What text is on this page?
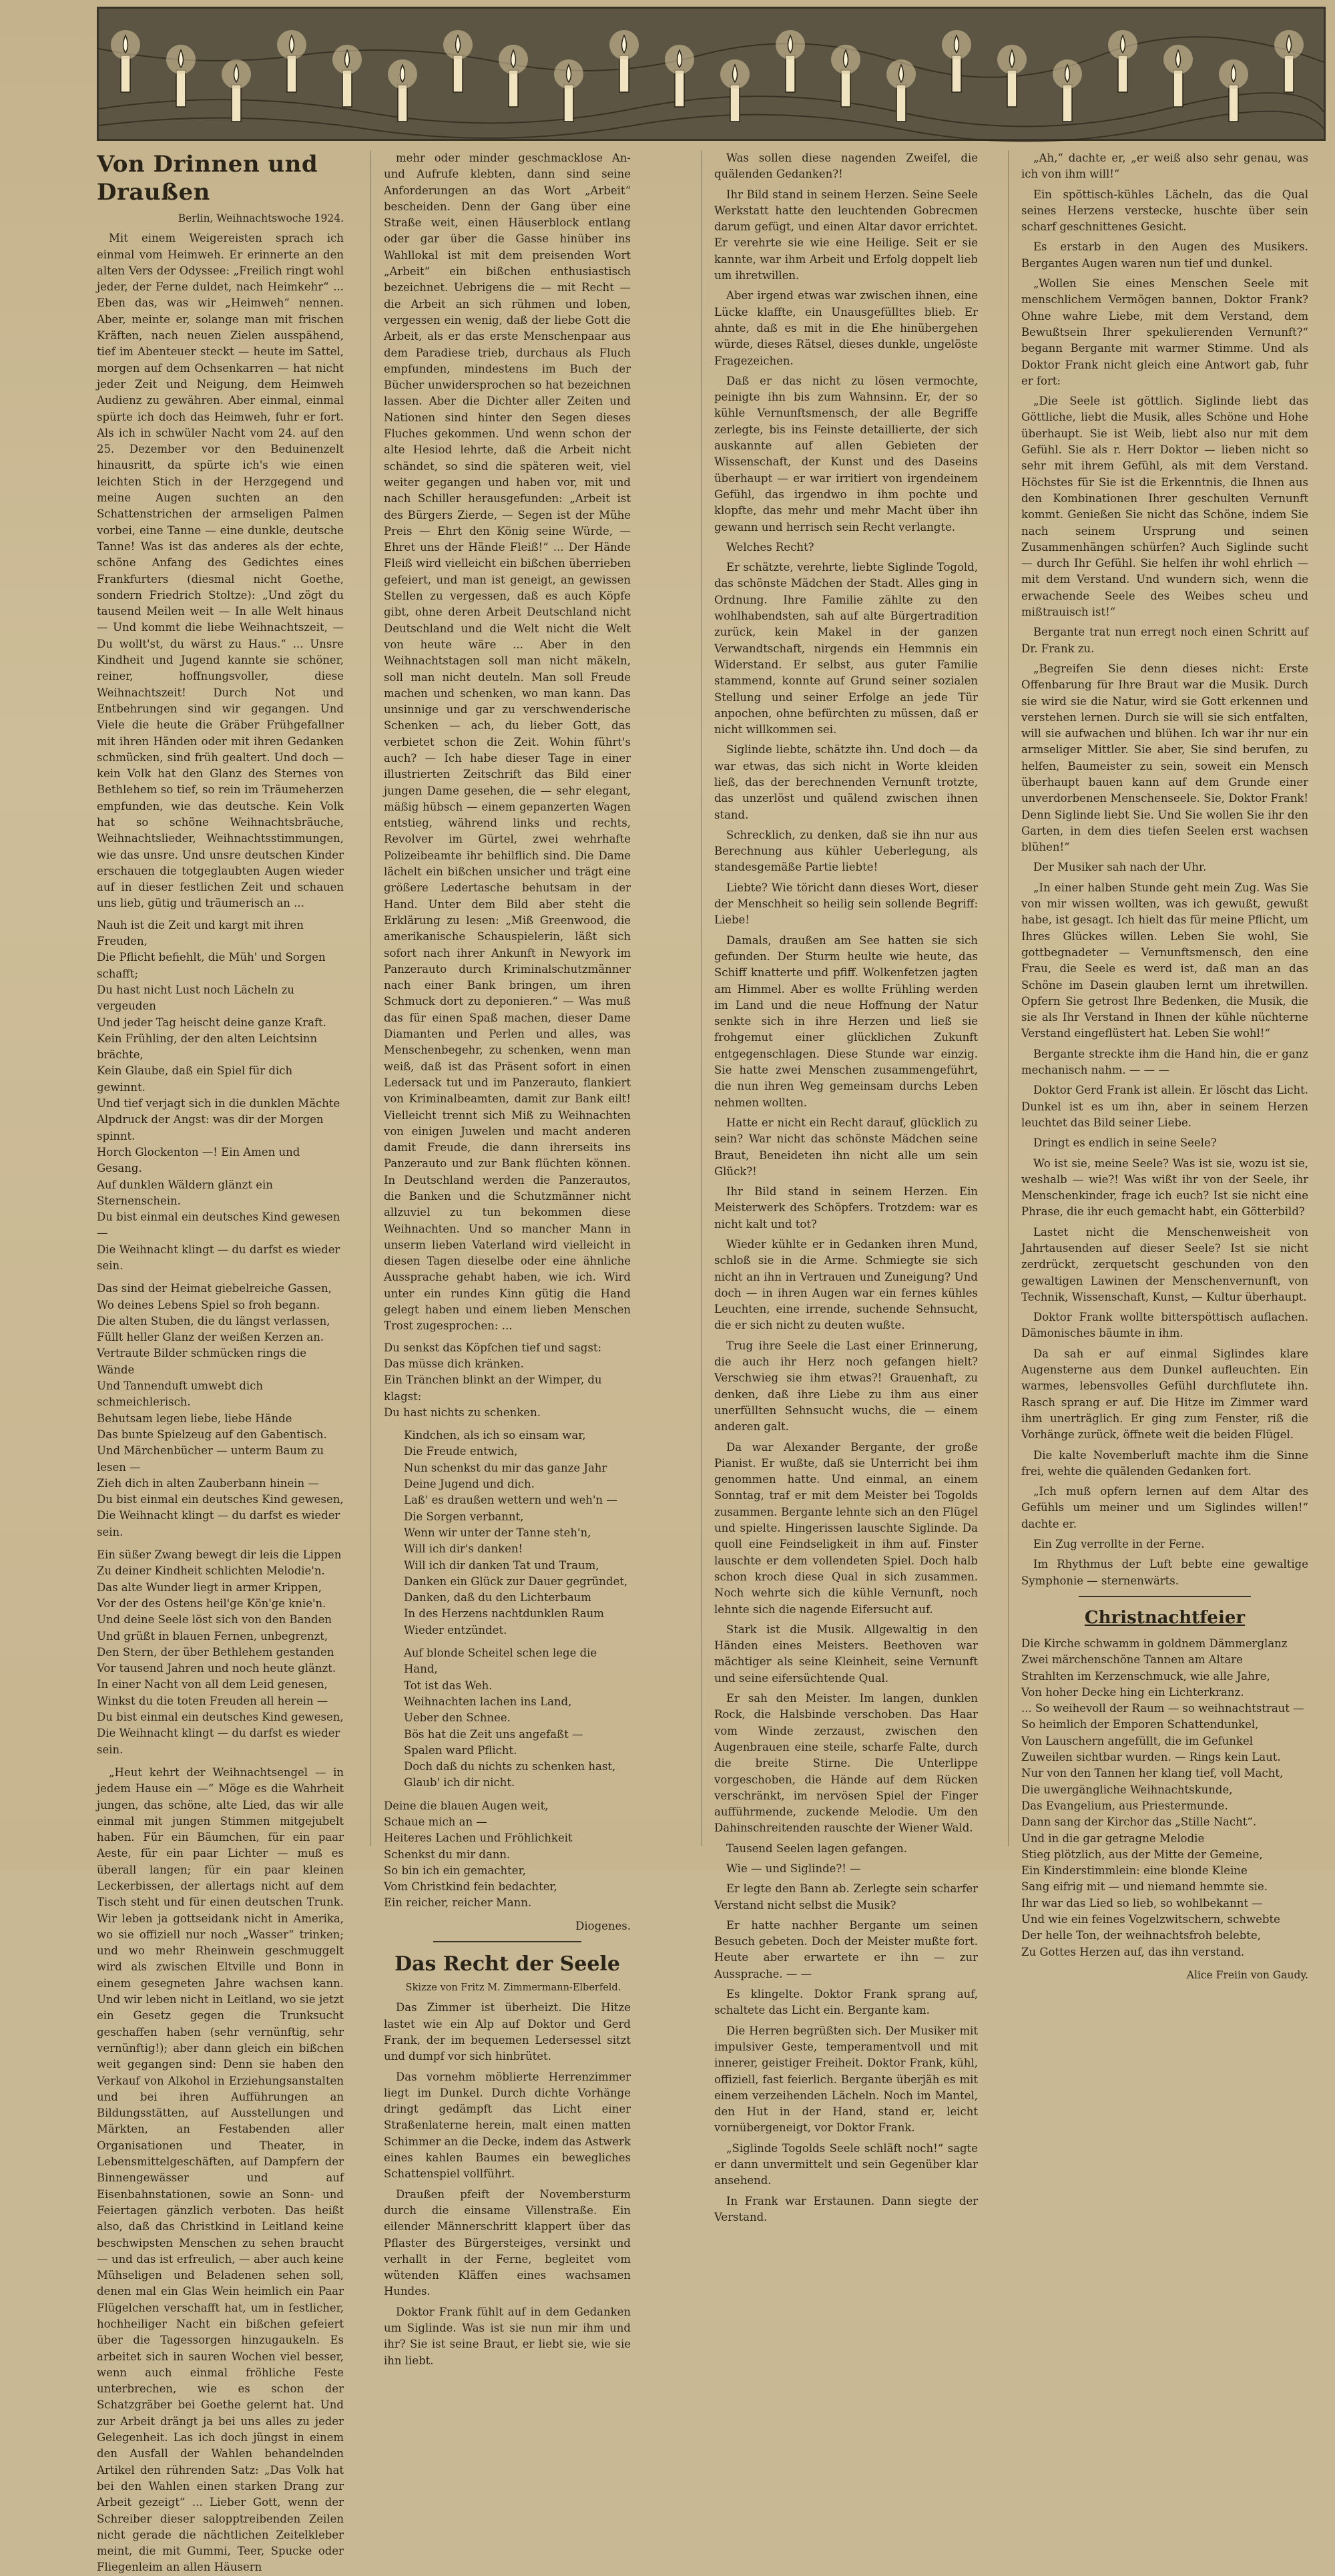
Von Drinnen und Draußen

Berlin, Weihnachtswoche 1924.

Mit einem Weigereisten sprach ich einmal vom Heimweh. Er erinnerte an den alten Vers der Odyssee: „Freilich ringt wohl jeder, der Ferne duldet, nach Heimkehr“ ... Eben das, was wir „Heimweh“ nennen. Aber, meinte er, solange man mit frischen Kräften, nach neuen Zielen ausspähend, tief im Abenteuer steckt — heute im Sattel, morgen auf dem Ochsenkarren — hat nicht jeder Zeit und Neigung, dem Heimweh Audienz zu gewähren. Aber einmal, einmal spürte ich doch das Heimweh, fuhr er fort. Als ich in schwüler Nacht vom 24. auf den 25. Dezember vor den Beduinenzelt hinausritt, da spürte ich's wie einen leichten Stich in der Herzgegend und meine Augen suchten an den Schattenstrichen der armseligen Palmen vorbei, eine Tanne — eine dunkle, deutsche Tanne! Was ist das anderes als der echte, schöne Anfang des Gedichtes eines Frankfurters (diesmal nicht Goethe, sondern Friedrich Stoltze): „Und zögt du tausend Meilen weit — In alle Welt hinaus — Und kommt die liebe Weihnachtszeit, — Du wollt'st, du wärst zu Haus.“ ... Unsre Kindheit und Jugend kannte sie schöner, reiner, hoffnungsvoller, diese Weihnachtszeit! Durch Not und Entbehrungen sind wir gegangen. Und Viele die heute die Gräber Frühgefallner mit ihren Händen oder mit ihren Gedanken schmücken, sind früh gealtert. Und doch — kein Volk hat den Glanz des Sternes von Bethlehem so tief, so rein im Träumeherzen empfunden, wie das deutsche. Kein Volk hat so schöne Weihnachtsbräuche, Weihnachtslieder, Weihnachtsstimmungen, wie das unsre. Und unsre deutschen Kinder erschauen die totgeglaubten Augen wieder auf in dieser festlichen Zeit und schauen uns lieb, gütig und träumerisch an ...

Nauh ist die Zeit und kargt mit ihren Freuden,
Die Pflicht befiehlt, die Müh' und Sorgen schafft;
Du hast nicht Lust noch Lächeln zu vergeuden
Und jeder Tag heischt deine ganze Kraft.
Kein Frühling, der den alten Leichtsinn brächte,
Kein Glaube, daß ein Spiel für dich gewinnt.
Und tief verjagt sich in die dunklen Mächte
Alpdruck der Angst: was dir der Morgen spinnt.
Horch Glockenton —! Ein Amen und Gesang.
Auf dunklen Wäldern glänzt ein Sternenschein.
Du bist einmal ein deutsches Kind gewesen —
Die Weihnacht klingt — du darfst es wieder sein.

Das sind der Heimat giebelreiche Gassen,
Wo deines Lebens Spiel so froh begann.
Die alten Stuben, die du längst verlassen,
Füllt heller Glanz der weißen Kerzen an.
Vertraute Bilder schmücken rings die Wände
Und Tannenduft umwebt dich schmeichlerisch.
Behutsam legen liebe, liebe Hände
Das bunte Spielzeug auf den Gabentisch.
Und Märchenbücher — unterm Baum zu lesen —
Zieh dich in alten Zauberbann hinein —
Du bist einmal ein deutsches Kind gewesen,
Die Weihnacht klingt — du darfst es wieder sein.

Ein süßer Zwang bewegt dir leis die Lippen
Zu deiner Kindheit schlichten Melodie'n.
Das alte Wunder liegt in armer Krippen,
Vor der des Ostens heil'ge Kön'ge knie'n.
Und deine Seele löst sich von den Banden
Und grüßt in blauen Fernen, unbegrenzt,
Den Stern, der über Bethlehem gestanden
Vor tausend Jahren und noch heute glänzt.
In einer Nacht von all dem Leid genesen,
Winkst du die toten Freuden all herein —
Du bist einmal ein deutsches Kind gewesen,
Die Weihnacht klingt — du darfst es wieder sein.

„Heut kehrt der Weihnachtsengel — in jedem Hause ein —“ Möge es die Wahrheit jungen, das schöne, alte Lied, das wir alle einmal mit jungen Stimmen mitgejubelt haben. Für ein Bäumchen, für ein paar Aeste, für ein paar Lichter — muß es überall langen; für ein paar kleinen Leckerbissen, der allertags nicht auf dem Tisch steht und für einen deutschen Trunk. Wir leben ja gottseidank nicht in Amerika, wo sie offiziell nur noch „Wasser“ trinken; und wo mehr Rheinwein geschmuggelt wird als zwischen Eltville und Bonn in einem gesegneten Jahre wachsen kann. Und wir leben nicht in Leitland, wo sie jetzt ein Gesetz gegen die Trunksucht geschaffen haben (sehr vernünftig, sehr vernünftig!); aber dann gleich ein bißchen weit gegangen sind: Denn sie haben den Verkauf von Alkohol in Erziehungsanstalten und bei ihren Aufführungen an Bildungsstätten, auf Ausstellungen und Märkten, an Festabenden aller Organisationen und Theater, in Lebensmittelgeschäften, auf Dampfern der Binnengewässer und auf Eisenbahnstationen, sowie an Sonn- und Feiertagen gänzlich verboten. Das heißt also, daß das Christkind in Leitland keine beschwipsten Menschen zu sehen braucht — und das ist erfreulich, — aber auch keine Mühseligen und Beladenen sehen soll, denen mal ein Glas Wein heimlich ein Paar Flügelchen verschafft hat, um in festlicher, hochheiliger Nacht ein bißchen gefeiert über die Tagessorgen hinzugaukeln. Es arbeitet sich in sauren Wochen viel besser, wenn auch einmal fröhliche Feste unterbrechen, wie es schon der Schatzgräber bei Goethe gelernt hat. Und zur Arbeit drängt ja bei uns alles zu jeder Gelegenheit. Las ich doch jüngst in einem den Ausfall der Wahlen behandelnden Artikel den rührenden Satz: „Das Volk hat bei den Wahlen einen starken Drang zur Arbeit gezeigt“ ... Lieber Gott, wenn der Schreiber dieser salopptreibenden Zeilen nicht gerade die nächtlichen Zeitelkleber meint, die mit Gummi, Teer, Spucke oder Fliegenleim an allen Häusern

mehr oder minder geschmacklose An- und Aufrufe klebten, dann sind seine Anforderungen an das Wort „Arbeit“ bescheiden. Denn der Gang über eine Straße weit, einen Häuserblock entlang oder gar über die Gasse hinüber ins Wahllokal ist mit dem preisenden Wort „Arbeit“ ein bißchen enthusiastisch bezeichnet. Uebrigens die — mit Recht — die Arbeit an sich rühmen und loben, vergessen ein wenig, daß der liebe Gott die Arbeit, als er das erste Menschenpaar aus dem Paradiese trieb, durchaus als Fluch empfunden, mindestens im Buch der Bücher unwidersprochen so hat bezeichnen lassen. Aber die Dichter aller Zeiten und Nationen sind hinter den Segen dieses Fluches gekommen. Und wenn schon der alte Hesiod lehrte, daß die Arbeit nicht schändet, so sind die späteren weit, viel weiter gegangen und haben vor, mit und nach Schiller herausgefunden: „Arbeit ist des Bürgers Zierde, — Segen ist der Mühe Preis — Ehrt den König seine Würde, — Ehret uns der Hände Fleiß!“ ... Der Hände Fleiß wird vielleicht ein bißchen überrieben gefeiert, und man ist geneigt, an gewissen Stellen zu vergessen, daß es auch Köpfe gibt, ohne deren Arbeit Deutschland nicht Deutschland und die Welt nicht die Welt von heute wäre ... Aber in den Weihnachtstagen soll man nicht mäkeln, soll man nicht deuteln. Man soll Freude machen und schenken, wo man kann. Das unsinnige und gar zu verschwenderische Schenken — ach, du lieber Gott, das verbietet schon die Zeit. Wohin führt's auch? — Ich habe dieser Tage in einer illustrierten Zeitschrift das Bild einer jungen Dame gesehen, die — sehr elegant, mäßig hübsch — einem gepanzerten Wagen entstieg, während links und rechts, Revolver im Gürtel, zwei wehrhafte Polizeibeamte ihr behilflich sind. Die Dame lächelt ein bißchen unsicher und trägt eine größere Ledertasche behutsam in der Hand. Unter dem Bild aber steht die Erklärung zu lesen: „Miß Greenwood, die amerikanische Schauspielerin, läßt sich sofort nach ihrer Ankunft in Newyork im Panzerauto durch Kriminalschutzmänner nach einer Bank bringen, um ihren Schmuck dort zu deponieren.“ — Was muß das für einen Spaß machen, dieser Dame Diamanten und Perlen und alles, was Menschenbegehr, zu schenken, wenn man weiß, daß ist das Präsent sofort in einen Ledersack tut und im Panzerauto, flankiert von Kriminalbeamten, damit zur Bank eilt! Vielleicht trennt sich Miß zu Weihnachten von einigen Juwelen und macht anderen damit Freude, die dann ihrerseits ins Panzerauto und zur Bank flüchten können. In Deutschland werden die Panzerautos, die Banken und die Schutzmänner nicht allzuviel zu tun bekommen diese Weihnachten. Und so mancher Mann in unserm lieben Vaterland wird vielleicht in diesen Tagen dieselbe oder eine ähnliche Aussprache gehabt haben, wie ich. Wird unter ein rundes Kinn gütig die Hand gelegt haben und einem lieben Menschen Trost zugesprochen: ...

Du senkst das Köpfchen tief und sagst:
Das müsse dich kränken.
Ein Tränchen blinkt an der Wimper, du klagst:
Du hast nichts zu schenken.

Kindchen, als ich so einsam war,
Die Freude entwich,
Nun schenkst du mir das ganze Jahr
Deine Jugend und dich.
Laß' es draußen wettern und weh'n —
Die Sorgen verbannt,
Wenn wir unter der Tanne steh'n,
Will ich dir's danken!
Will ich dir danken Tat und Traum,
Danken ein Glück zur Dauer gegründet,
Danken, daß du den Lichterbaum
In des Herzens nachtdunklen Raum
Wieder entzündet.

Auf blonde Scheitel schen lege die Hand,
Tot ist das Weh.
Weihnachten lachen ins Land,
Ueber den Schnee.
Bös hat die Zeit uns angefaßt —
Spalen ward Pflicht.
Doch daß du nichts zu schenken hast,
Glaub' ich dir nicht.

Deine die blauen Augen weit,
Schaue mich an —
Heiteres Lachen und Fröhlichkeit
Schenkst du mir dann.
So bin ich ein gemachter,
Vom Christkind fein bedachter,
Ein reicher, reicher Mann.

Diogenes.

Das Recht der Seele

Skizze von Fritz M. Zimmermann-Elberfeld.

Das Zimmer ist überheizt. Die Hitze lastet wie ein Alp auf Doktor und Gerd Frank, der im bequemen Ledersessel sitzt und dumpf vor sich hinbrütet.

Das vornehm möblierte Herrenzimmer liegt im Dunkel. Durch dichte Vorhänge dringt gedämpft das Licht einer Straßenlaterne herein, malt einen matten Schimmer an die Decke, indem das Astwerk eines kahlen Baumes ein bewegliches Schattenspiel vollführt.

Draußen pfeift der Novembersturm durch die einsame Villenstraße. Ein eilender Männerschritt klappert über das Pflaster des Bürgersteiges, versinkt und verhallt in der Ferne, begleitet vom wütenden Kläffen eines wachsamen Hundes.

Doktor Frank fühlt auf in dem Gedanken um Siglinde. Was ist sie nun mir ihm und ihr? Sie ist seine Braut, er liebt sie, wie sie ihn liebt.

Was sollen diese nagenden Zweifel, die quälenden Gedanken?!

Ihr Bild stand in seinem Herzen. Seine Seele Werkstatt hatte den leuchtenden Gobrecmen darum gefügt, und einen Altar davor errichtet. Er verehrte sie wie eine Heilige. Seit er sie kannte, war ihm Arbeit und Erfolg doppelt lieb um ihretwillen.

Aber irgend etwas war zwischen ihnen, eine Lücke klaffte, ein Unausgefülltes blieb. Er ahnte, daß es mit in die Ehe hinübergehen würde, dieses Rätsel, dieses dunkle, ungelöste Fragezeichen.

Daß er das nicht zu lösen vermochte, peinigte ihn bis zum Wahnsinn. Er, der so kühle Vernunftsmensch, der alle Begriffe zerlegte, bis ins Feinste detaillierte, der sich auskannte auf allen Gebieten der Wissenschaft, der Kunst und des Daseins überhaupt — er war irritiert von irgendeinem Gefühl, das irgendwo in ihm pochte und klopfte, das mehr und mehr Macht über ihn gewann und herrisch sein Recht verlangte.

Welches Recht?

Er schätzte, verehrte, liebte Siglinde Togold, das schönste Mädchen der Stadt. Alles ging in Ordnung. Ihre Familie zählte zu den wohlhabendsten, sah auf alte Bürgertradition zurück, kein Makel in der ganzen Verwandtschaft, nirgends ein Hemmnis ein Widerstand. Er selbst, aus guter Familie stammend, konnte auf Grund seiner sozialen Stellung und seiner Erfolge an jede Tür anpochen, ohne befürchten zu müssen, daß er nicht willkommen sei.

Siglinde liebte, schätzte ihn. Und doch — da war etwas, das sich nicht in Worte kleiden ließ, das der berechnenden Vernunft trotzte, das unzerlöst und quälend zwischen ihnen stand.

Schrecklich, zu denken, daß sie ihn nur aus Berechnung aus kühler Ueberlegung, als standesgemäße Partie liebte!

Liebte? Wie töricht dann dieses Wort, dieser der Menschheit so heilig sein sollende Begriff: Liebe!

Damals, draußen am See hatten sie sich gefunden. Der Sturm heulte wie heute, das Schiff knatterte und pfiff. Wolkenfetzen jagten am Himmel. Aber es wollte Frühling werden im Land und die neue Hoffnung der Natur senkte sich in ihre Herzen und ließ sie frohgemut einer glücklichen Zukunft entgegenschlagen. Diese Stunde war einzig. Sie hatte zwei Menschen zusammengeführt, die nun ihren Weg gemeinsam durchs Leben nehmen wollten.

Hatte er nicht ein Recht darauf, glücklich zu sein? War nicht das schönste Mädchen seine Braut, Beneideten ihn nicht alle um sein Glück?!

Ihr Bild stand in seinem Herzen. Ein Meisterwerk des Schöpfers. Trotzdem: war es nicht kalt und tot?

Wieder kühlte er in Gedanken ihren Mund, schloß sie in die Arme. Schmiegte sie sich nicht an ihn in Vertrauen und Zuneigung? Und doch — in ihren Augen war ein fernes kühles Leuchten, eine irrende, suchende Sehnsucht, die er sich nicht zu deuten wußte.

Trug ihre Seele die Last einer Erinnerung, die auch ihr Herz noch gefangen hielt? Verschwieg sie ihm etwas?! Grauenhaft, zu denken, daß ihre Liebe zu ihm aus einer unerfüllten Sehnsucht wuchs, die — einem anderen galt.

Da war Alexander Bergante, der große Pianist. Er wußte, daß sie Unterricht bei ihm genommen hatte. Und einmal, an einem Sonntag, traf er mit dem Meister bei Togolds zusammen. Bergante lehnte sich an den Flügel und spielte. Hingerissen lauschte Siglinde. Da quoll eine Feindseligkeit in ihm auf. Finster lauschte er dem vollendeten Spiel. Doch halb schon kroch diese Qual in sich zusammen. Noch wehrte sich die kühle Vernunft, noch lehnte sich die nagende Eifersucht auf.

Stark ist die Musik. Allgewaltig in den Händen eines Meisters. Beethoven war mächtiger als seine Kleinheit, seine Vernunft und seine eifersüchtende Qual.

Er sah den Meister. Im langen, dunklen Rock, die Halsbinde verschoben. Das Haar vom Winde zerzaust, zwischen den Augenbrauen eine steile, scharfe Falte, durch die breite Stirne. Die Unterlippe vorgeschoben, die Hände auf dem Rücken verschränkt, im nervösen Spiel der Finger aufführmende, zuckende Melodie. Um den Dahinschreitenden rauschte der Wiener Wald.

Tausend Seelen lagen gefangen.

Wie — und Siglinde?! —

Er legte den Bann ab. Zerlegte sein scharfer Verstand nicht selbst die Musik?

Er hatte nachher Bergante um seinen Besuch gebeten. Doch der Meister mußte fort. Heute aber erwartete er ihn — zur Aussprache. — —

Es klingelte. Doktor Frank sprang auf, schaltete das Licht ein. Bergante kam.

Die Herren begrüßten sich. Der Musiker mit impulsiver Geste, temperamentvoll und mit innerer, geistiger Freiheit. Doktor Frank, kühl, offiziell, fast feierlich. Bergante überjäh es mit einem verzeihenden Lächeln. Noch im Mantel, den Hut in der Hand, stand er, leicht vornübergeneigt, vor Doktor Frank.

„Siglinde Togolds Seele schläft noch!“ sagte er dann unvermittelt und sein Gegenüber klar ansehend.

In Frank war Erstaunen. Dann siegte der Verstand.

„Ah,“ dachte er, „er weiß also sehr genau, was ich von ihm will!“

Ein spöttisch-kühles Lächeln, das die Qual seines Herzens verstecke, huschte über sein scharf geschnittenes Gesicht.

Es erstarb in den Augen des Musikers. Bergantes Augen waren nun tief und dunkel.

„Wollen Sie eines Menschen Seele mit menschlichem Vermögen bannen, Doktor Frank? Ohne wahre Liebe, mit dem Verstand, dem Bewußtsein Ihrer spekulierenden Vernunft?“ begann Bergante mit warmer Stimme. Und als Doktor Frank nicht gleich eine Antwort gab, fuhr er fort:

„Die Seele ist göttlich. Siglinde liebt das Göttliche, liebt die Musik, alles Schöne und Hohe überhaupt. Sie ist Weib, liebt also nur mit dem Gefühl. Sie als r. Herr Doktor — lieben nicht so sehr mit ihrem Gefühl, als mit dem Verstand. Höchstes für Sie ist die Erkenntnis, die Ihnen aus den Kombinationen Ihrer geschulten Vernunft kommt. Genießen Sie nicht das Schöne, indem Sie nach seinem Ursprung und seinen Zusammenhängen schürfen? Auch Siglinde sucht — durch Ihr Gefühl. Sie helfen ihr wohl ehrlich — mit dem Verstand. Und wundern sich, wenn die erwachende Seele des Weibes scheu und mißtrauisch ist!“

Bergante trat nun erregt noch einen Schritt auf Dr. Frank zu.

„Begreifen Sie denn dieses nicht: Erste Offenbarung für Ihre Braut war die Musik. Durch sie wird sie die Natur, wird sie Gott erkennen und verstehen lernen. Durch sie will sie sich entfalten, will sie aufwachen und blühen. Ich war ihr nur ein armseliger Mittler. Sie aber, Sie sind berufen, zu helfen, Baumeister zu sein, soweit ein Mensch überhaupt bauen kann auf dem Grunde einer unverdorbenen Menschenseele. Sie, Doktor Frank! Denn Siglinde liebt Sie. Und Sie wollen Sie ihr den Garten, in dem dies tiefen Seelen erst wachsen blühen!“

Der Musiker sah nach der Uhr.

„In einer halben Stunde geht mein Zug. Was Sie von mir wissen wollten, was ich gewußt, gewußt habe, ist gesagt. Ich hielt das für meine Pflicht, um Ihres Glückes willen. Leben Sie wohl, Sie gottbegnadeter — Vernunftsmensch, den eine Frau, die Seele es werd ist, daß man an das Schöne im Dasein glauben lernt um ihretwillen. Opfern Sie getrost Ihre Bedenken, die Musik, die sie als Ihr Verstand in Ihnen der kühle nüchterne Verstand eingeflüstert hat. Leben Sie wohl!“

Bergante streckte ihm die Hand hin, die er ganz mechanisch nahm. — — —

Doktor Gerd Frank ist allein. Er löscht das Licht. Dunkel ist es um ihn, aber in seinem Herzen leuchtet das Bild seiner Liebe.

Dringt es endlich in seine Seele?

Wo ist sie, meine Seele? Was ist sie, wozu ist sie, weshalb — wie?! Was wißt ihr von der Seele, ihr Menschenkinder, frage ich euch? Ist sie nicht eine Phrase, die ihr euch gemacht habt, ein Götterbild?

Lastet nicht die Menschenweisheit von Jahrtausenden auf dieser Seele? Ist sie nicht zerdrückt, zerquetscht geschunden von den gewaltigen Lawinen der Menschenvernunft, von Technik, Wissenschaft, Kunst, — Kultur überhaupt.

Doktor Frank wollte bitterspöttisch auflachen. Dämonisches bäumte in ihm.

Da sah er auf einmal Siglindes klare Augensterne aus dem Dunkel aufleuchten. Ein warmes, lebensvolles Gefühl durchflutete ihn. Rasch sprang er auf. Die Hitze im Zimmer ward ihm unerträglich. Er ging zum Fenster, riß die Vorhänge zurück, öffnete weit die beiden Flügel.

Die kalte Novemberluft machte ihm die Sinne frei, wehte die quälenden Gedanken fort.

„Ich muß opfern lernen auf dem Altar des Gefühls um meiner und um Siglindes willen!“ dachte er.

Ein Zug verrollte in der Ferne.

Im Rhythmus der Luft bebte eine gewaltige Symphonie — sternenwärts.

Christnachtfeier

Die Kirche schwamm in goldnem Dämmerglanz
Zwei märchenschöne Tannen am Altare
Strahlten im Kerzenschmuck, wie alle Jahre,
Von hoher Decke hing ein Lichterkranz.
... So weihevoll der Raum — so weihnachtstraut —
So heimlich der Emporen Schattendunkel,
Von Lauschern angefüllt, die im Gefunkel
Zuweilen sichtbar wurden. — Rings kein Laut.
Nur von den Tannen her klang tief, voll Macht,
Die uwergängliche Weihnachtskunde,
Das Evangelium, aus Priestermunde.
Dann sang der Kirchor das „Stille Nacht“.
Und in die gar getragne Melodie
Stieg plötzlich, aus der Mitte der Gemeine,
Ein Kinderstimmlein: eine blonde Kleine
Sang eifrig mit — und niemand hemmte sie.
Ihr war das Lied so lieb, so wohlbekannt —
Und wie ein feines Vogelzwitschern, schwebte
Der helle Ton, der weihnachtsfroh belebte,
Zu Gottes Herzen auf, das ihn verstand.

Alice Freiin von Gaudy.
